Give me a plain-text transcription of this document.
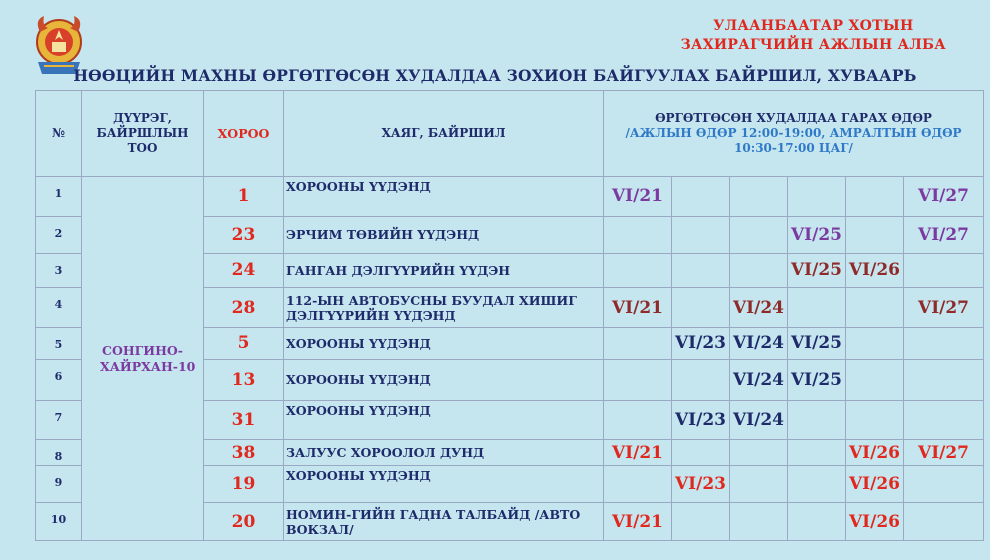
УЛААНБААТАР ХОТЫН
ЗАХИРАГЧИЙН АЖЛЫН АЛБА
НӨӨЦИЙН МАХНЫ ӨРГӨТГӨСӨН ХУДАЛДАА ЗОХИОН БАЙГУУЛАХ БАЙРШИЛ, ХУВААРЬ
№	ДҮҮРЭГ, БАЙРШЛЫН ТОО	ХОРОО	ХАЯГ, БАЙРШИЛ	ӨРГӨТГӨСӨН ХУДАЛДАА ГАРАХ ӨДӨР
/АЖЛЫН ӨДӨР 12:00-19:00, АМРАЛТЫН ӨДӨР 10:30-17:00 ЦАГ/					

1	СОНГИНО-ХАЙРХАН-10	1	ХОРООНЫ ҮҮДЭНД	VI/21					VI/27
2		23	ЭРЧИМ ТӨВИЙН ҮҮДЭНД				VI/25		VI/27
3		24	ГАНГАН ДЭЛГҮҮРИЙН ҮҮДЭН				VI/25	VI/26	
4		28	112-ЫН АВТОБУСНЫ БУУДАЛ ХИШИГ ДЭЛГҮҮРИЙН ҮҮДЭНД	VI/21		VI/24			VI/27
5		5	ХОРООНЫ ҮҮДЭНД		VI/23	VI/24	VI/25		
6		13	ХОРООНЫ ҮҮДЭНД			VI/24	VI/25		
7		31	ХОРООНЫ ҮҮДЭНД		VI/23	VI/24			
8		38	ЗАЛУУС ХОРООЛОЛ ДУНД	VI/21				VI/26	VI/27
9		19	ХОРООНЫ ҮҮДЭНД		VI/23			VI/26	
10		20	НОМИН-ГИЙН ГАДНА ТАЛБАЙД /АВТО ВОКЗАЛ/	VI/21				VI/26	
